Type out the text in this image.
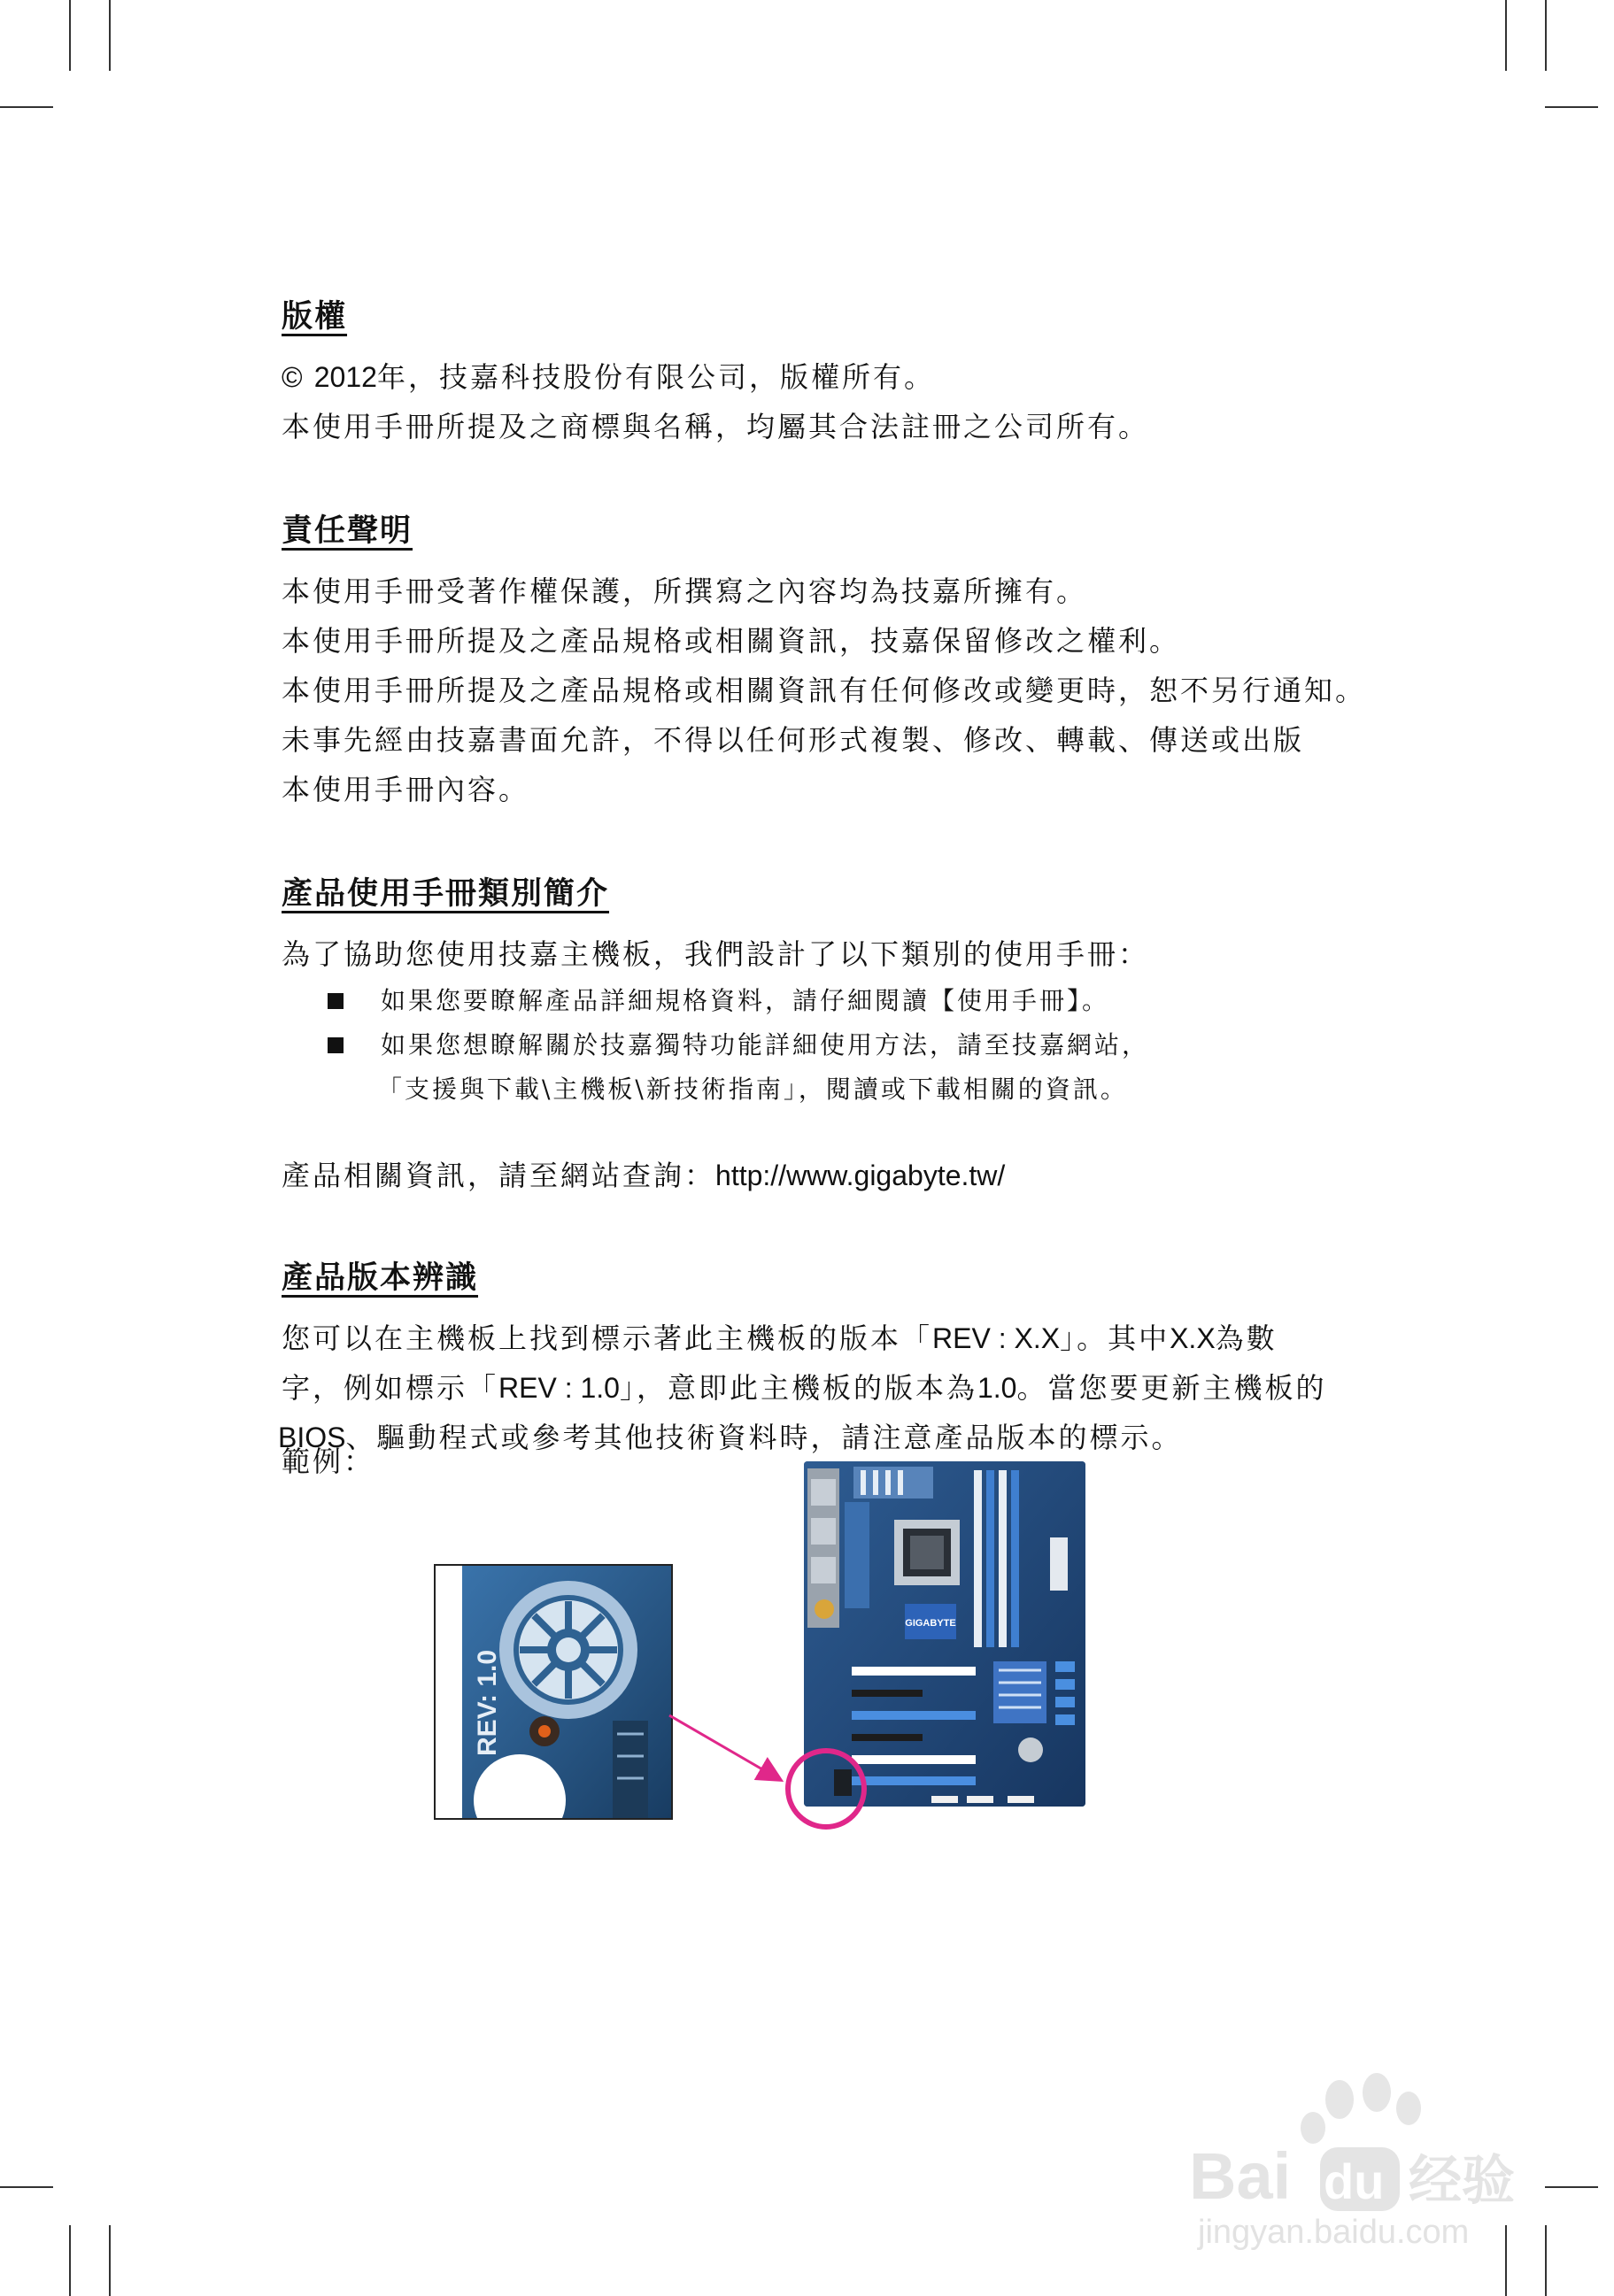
版權
© 2012年，技嘉科技股份有限公司，版權所有。
本使用手冊所提及之商標與名稱，均屬其合法註冊之公司所有。
責任聲明
本使用手冊受著作權保護，所撰寫之內容均為技嘉所擁有。
本使用手冊所提及之產品規格或相關資訊，技嘉保留修改之權利。
本使用手冊所提及之產品規格或相關資訊有任何修改或變更時，恕不另行通知。
未事先經由技嘉書面允許，不得以任何形式複製、修改、轉載、傳送或出版
本使用手冊內容。
產品使用手冊類別簡介
為了協助您使用技嘉主機板，我們設計了以下類別的使用手冊：
如果您要瞭解產品詳細規格資料，請仔細閱讀【使用手冊】。
如果您想瞭解關於技嘉獨特功能詳細使用方法，請至技嘉網站，
「支援與下載\主機板\新技術指南」，閱讀或下載相關的資訊。
產品相關資訊，請至網站查詢：http://www.gigabyte.tw/
產品版本辨識
您可以在主機板上找到標示著此主機板的版本「REV : X.X」。其中X.X為數
字，例如標示「REV : 1.0」，意即此主機板的版本為1.0。當您要更新主機板的
BIOS、驅動程式或參考其他技術資料時，請注意產品版本的標示。
範例：
REV: 1.0
GIGABYTE
Bai du 经验
jingyan.baidu.com
